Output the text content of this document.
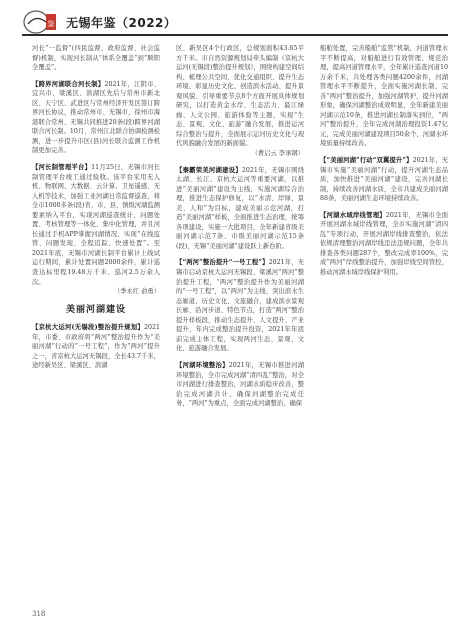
鉴 无锡年鉴（2022）

河长“一监督”(四民监督、政府监督、社会监督)机制，实现河长制从“体系全覆盖”到“顺职全覆盖”。

【跨界河湖联合河长制】2021年，江阴市、宜兴市、梁溪区、滨湖区先后与常州市新北区、天宁区、武进区与常州经济开发区签订跨界河长协议，推动常州市、无锡市，徐州市海港联合常州、无锡共同推进20条(段)跨界河湖联合河长制。10月，常州江北联合协调检测检测，进一步提升市区(县)河长联合监测工作机制更加完善。

【河长制管理平台】11月25日，无锡市河长制管理平台竣工通过验收。该平台采用无人机、物联网、大数据、云计算、卫星遥感、无人机等技术，加强工业河湖日常监督巡查，将全市1000多条(段)省、市、县、镇级河湖监测要素纳入平台，实现河湖巡查统计、问题处置、考核管理等一体化、集中化管理，并且河长通过手机APP掌握河湖情况，实现“在线监管、问题发现、全程追踪、快速处置”。至2021年底，无锡市河湖长制平台累计上线试运行期间，累计处置问题2000余件，累计巡查达标里程19.48万千米、巡河2.5万余人次。

（季永红 俞勇）

美丽河湖建设

【京杭大运河(无锡段)整治提升规划】2021年，市委、市政府将“两河”整治提升作为“美丽河湖”行动的“一号工程”，作为“两河”提升之一，省京杭大运河无锡段，全长43.7千米，途经新吴区、梁溪区、滨湖

区、新吴区4个行政区，总规划面积43.65平方千米。市自然资源规划局牵头编制《京杭大运河(无锡段)整治提升规划》，围绕构建空间结构、梳理公共空间、优化交通组织、提升生态环境、彰显历史文化、创造滨水活动、提升景观风貌、引导重要节点8个方面开展具体规划研究，以打造黄金水岸、生态活力、最江绿廊、人文公园、旅游体验等主题，实现“生态、景观、文化、旅游”融合发展，推进运河综合整治与提升，全面展示运河历史文化与现代风貌融合发展的新面貌。

（曹启云 李承钢）

【秦霸荣美河湖建设】2021年，无锡市围绕太湖、长江、京杭大运河等重要河湖，以推进“美丽河湖”建设为主线，实施河湖综合治理，推进生态保护修复，以“水清、岸绿、景美、人和”为目标，建成美丽示范河湖，打造“美丽河湖”样板，全面推进生态治理，统筹各项建设，实施一大批项目，全年新建省级美丽河湖示范7条、市级美丽河湖示范15条(段)，无锡“美丽河湖”建设跃上新台阶。

【“两河”整治提升“一号工程”】2021年，无锡市启动京杭大运河无锡段、梁溪河“两河”整治提升工程，“两河”整治提升作为美丽河湖的“一号工程”，以“两河”为主线、突出滨水生态廊道、历史文化、文旅融合，建成滨水景观长廊、沿河步道、特色节点，打造“两河”整治提升样板段，推动生态提升、人文提升、产业提升，年内完成整治提升投资，2021年年底前完成主体工程，实现两河生态、景观、文化、旅游融合发展。

【河湖环境整治】2021年，无锡市推进河湖环境整治，全市完成河湖“清四乱”整治，对全市河湖进行排查整治，河湖水质稳步改善，整治完成河湖共计，确保河湖整治完成任务，“两河”为重点，全面完成河湖整治，确保

船舶处置，完善船舶“监管”机制，河道管理水平不断提高，对船舶进行有效管理、规范治理，提高河道管理水平，全年累计巡查河道10万余千米，共处理各类问题4200余件，河湖管理水平不断提升，全面实施河湖长制，完善“两河”整治提升，加强河湖管护，提升河湖形象，确保河湖整治成效明显，全年新建美丽河湖示范10条，推进河湖长制落实到位，“两河”整治提升，全年完成河湖治理投资1.47亿元，完成美丽河湖建设项目50余个，河湖水环境质量持续改善。

【“美丽河湖”行动“双翼提升”】2021年，无锡市实施“美丽河湖”行动，提升河湖生态品质，加快推进“美丽河湖”建设，完善河湖长制，持续改善河湖水质，全市共建成美丽河湖88条，美丽河湖生态环境持续改善。

【河湖水域岸线管理】2021年，无锡市全面开展河湖水域岸线管理，全市实施河湖“清四乱”专项行动，开展河湖岸线排查整治，依法依规清理整治河湖岸线违法违规问题，全年共排查各类问题287个，整改完成率100%，完成“两河”岸线整治提升，加强岸线空间管控，推动河湖水域岸线保护利用。

318
